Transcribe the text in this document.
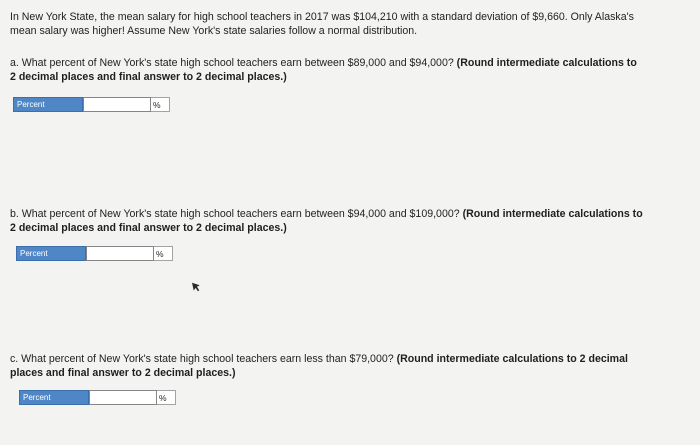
In New York State, the mean salary for high school teachers in 2017 was $104,210 with a standard deviation of $9,660. Only Alaska's
mean salary was higher! Assume New York's state salaries follow a normal distribution.
a. What percent of New York's state high school teachers earn between $89,000 and $94,000? (Round intermediate calculations to
2 decimal places and final answer to 2 decimal places.)
Percent	%
b. What percent of New York's state high school teachers earn between $94,000 and $109,000? (Round intermediate calculations to
2 decimal places and final answer to 2 decimal places.)
Percent	%
c. What percent of New York's state high school teachers earn less than $79,000? (Round intermediate calculations to 2 decimal
places and final answer to 2 decimal places.)
Percent	%
